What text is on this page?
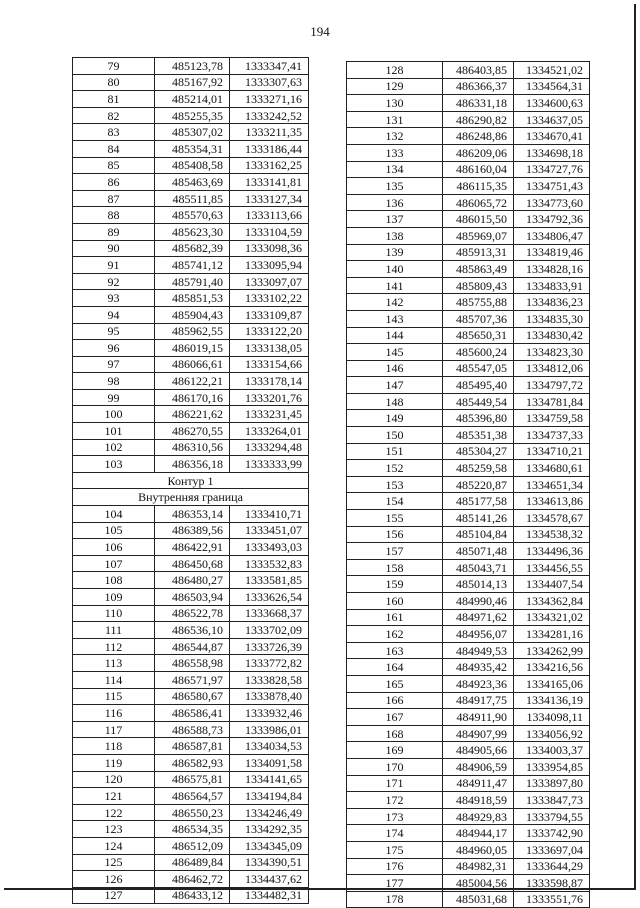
194
79	485123,78	1333347,41
80	485167,92	1333307,63
81	485214,01	1333271,16
82	485255,35	1333242,52
83	485307,02	1333211,35
84	485354,31	1333186,44
85	485408,58	1333162,25
86	485463,69	1333141,81
87	485511,85	1333127,34
88	485570,63	1333113,66
89	485623,30	1333104,59
90	485682,39	1333098,36
91	485741,12	1333095,94
92	485791,40	1333097,07
93	485851,53	1333102,22
94	485904,43	1333109,87
95	485962,55	1333122,20
96	486019,15	1333138,05
97	486066,61	1333154,66
98	486122,21	1333178,14
99	486170,16	1333201,76
100	486221,62	1333231,45
101	486270,55	1333264,01
102	486310,56	1333294,48
103	486356,18	1333333,99
Контур 1		
Внутренняя граница		
104	486353,14	1333410,71
105	486389,56	1333451,07
106	486422,91	1333493,03
107	486450,68	1333532,83
108	486480,27	1333581,85
109	486503,94	1333626,54
110	486522,78	1333668,37
111	486536,10	1333702,09
112	486544,87	1333726,39
113	486558,98	1333772,82
114	486571,97	1333828,58
115	486580,67	1333878,40
116	486586,41	1333932,46
117	486588,73	1333986,01
118	486587,81	1334034,53
119	486582,93	1334091,58
120	486575,81	1334141,65
121	486564,57	1334194,84
122	486550,23	1334246,49
123	486534,35	1334292,35
124	486512,09	1334345,09
125	486489,84	1334390,51
126	486462,72	1334437,62
127	486433,12	1334482,31
128	486403,85	1334521,02
129	486366,37	1334564,31
130	486331,18	1334600,63
131	486290,82	1334637,05
132	486248,86	1334670,41
133	486209,06	1334698,18
134	486160,04	1334727,76
135	486115,35	1334751,43
136	486065,72	1334773,60
137	486015,50	1334792,36
138	485969,07	1334806,47
139	485913,31	1334819,46
140	485863,49	1334828,16
141	485809,43	1334833,91
142	485755,88	1334836,23
143	485707,36	1334835,30
144	485650,31	1334830,42
145	485600,24	1334823,30
146	485547,05	1334812,06
147	485495,40	1334797,72
148	485449,54	1334781,84
149	485396,80	1334759,58
150	485351,38	1334737,33
151	485304,27	1334710,21
152	485259,58	1334680,61
153	485220,87	1334651,34
154	485177,58	1334613,86
155	485141,26	1334578,67
156	485104,84	1334538,32
157	485071,48	1334496,36
158	485043,71	1334456,55
159	485014,13	1334407,54
160	484990,46	1334362,84
161	484971,62	1334321,02
162	484956,07	1334281,16
163	484949,53	1334262,99
164	484935,42	1334216,56
165	484923,36	1334165,06
166	484917,75	1334136,19
167	484911,90	1334098,11
168	484907,99	1334056,92
169	484905,66	1334003,37
170	484906,59	1333954,85
171	484911,47	1333897,80
172	484918,59	1333847,73
173	484929,83	1333794,55
174	484944,17	1333742,90
175	484960,05	1333697,04
176	484982,31	1333644,29
177	485004,56	1333598,87
178	485031,68	1333551,76
